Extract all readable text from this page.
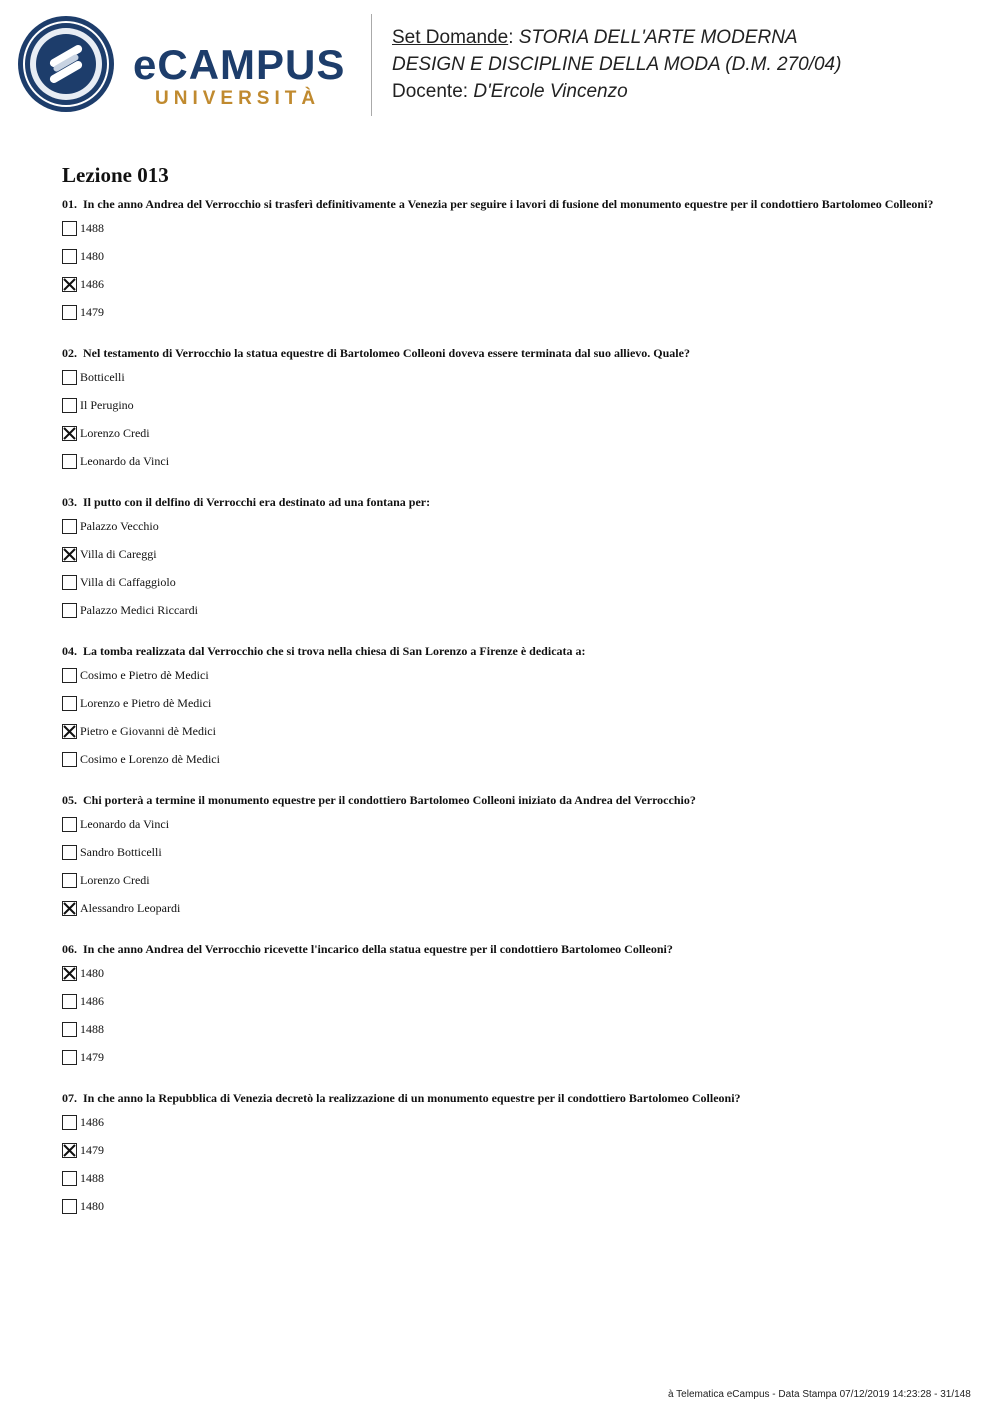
eCAMPUS
UNIVERSITÀ
Set Domande: STORIA DELL'ARTE MODERNA
DESIGN E DISCIPLINE DELLA MODA (D.M. 270/04)
Docente: D'Ercole Vincenzo
Lezione 013
01. In che anno Andrea del Verrocchio si trasferì definitivamente a Venezia per seguire i lavori di fusione del monumento equestre per il condottiero Bartolomeo Colleoni?
1488
1480
1486
1479
02. Nel testamento di Verrocchio la statua equestre di Bartolomeo Colleoni doveva essere terminata dal suo allievo. Quale?
Botticelli
Il Perugino
Lorenzo Credi
Leonardo da Vinci
03. Il putto con il delfino di Verrocchi era destinato ad una fontana per:
Palazzo Vecchio
Villa di Careggi
Villa di Caffaggiolo
Palazzo Medici Riccardi
04. La tomba realizzata dal Verrocchio che si trova nella chiesa di San Lorenzo a Firenze è dedicata a:
Cosimo e Pietro dè Medici
Lorenzo e Pietro dè Medici
Pietro e Giovanni dè Medici
Cosimo e Lorenzo dè Medici
05. Chi porterà a termine il monumento equestre per il condottiero Bartolomeo Colleoni iniziato da Andrea del Verrocchio?
Leonardo da Vinci
Sandro Botticelli
Lorenzo Credi
Alessandro Leopardi
06. In che anno Andrea del Verrocchio ricevette l'incarico della statua equestre per il condottiero Bartolomeo Colleoni?
1480
1486
1488
1479
07. In che anno la Repubblica di Venezia decretò la realizzazione di un monumento equestre per il condottiero Bartolomeo Colleoni?
1486
1479
1488
1480
à Telematica eCampus - Data Stampa 07/12/2019 14:23:28 - 31/148
